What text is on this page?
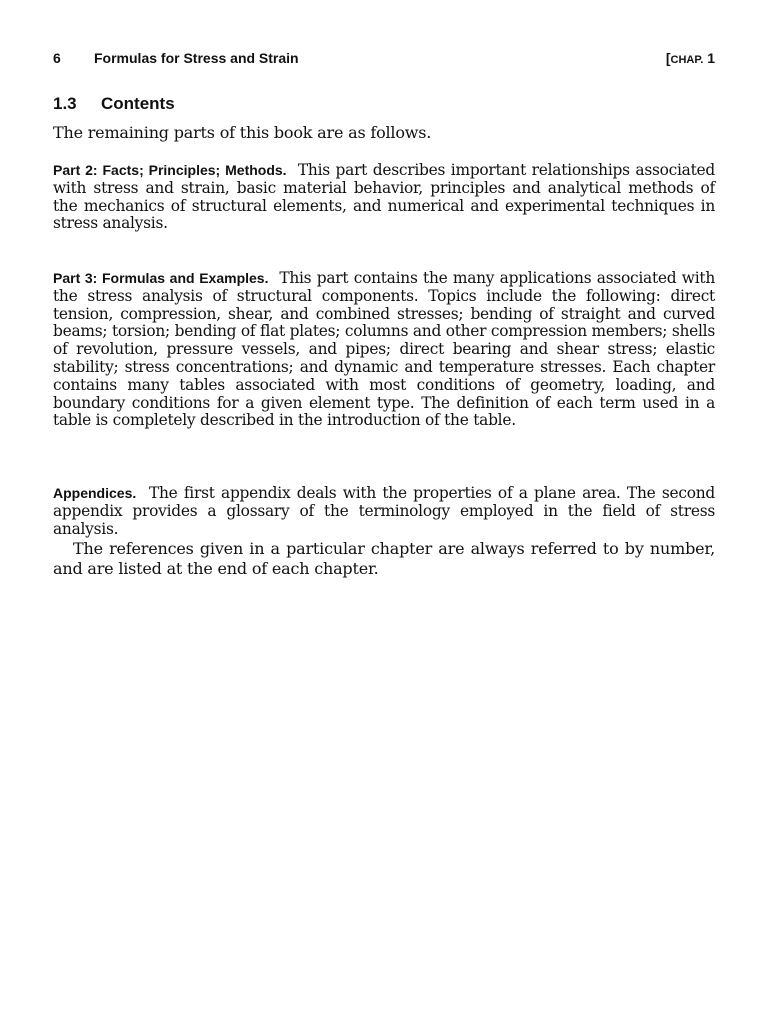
6 Formulas for Stress and Strain	[CHAP. 1
1.3 Contents

The remaining parts of this book are as follows.

Part 2: Facts; Principles; Methods. This part describes important relationships associated with stress and strain, basic material behavior, principles and analytical methods of the mechanics of structural elements, and numerical and experimental techniques in stress analysis.

Part 3: Formulas and Examples. This part contains the many applications associated with the stress analysis of structural components. Topics include the following: direct tension, compression, shear, and combined stresses; bending of straight and curved beams; torsion; bending of flat plates; columns and other compression members; shells of revolution, pressure vessels, and pipes; direct bearing and shear stress; elastic stability; stress concentrations; and dynamic and temperature stresses. Each chapter contains many tables associated with most conditions of geometry, loading, and boundary conditions for a given element type. The definition of each term used in a table is completely described in the introduction of the table.

Appendices. The first appendix deals with the properties of a plane area. The second appendix provides a glossary of the terminology employed in the field of stress analysis.

The references given in a particular chapter are always referred to by number, and are listed at the end of each chapter.
